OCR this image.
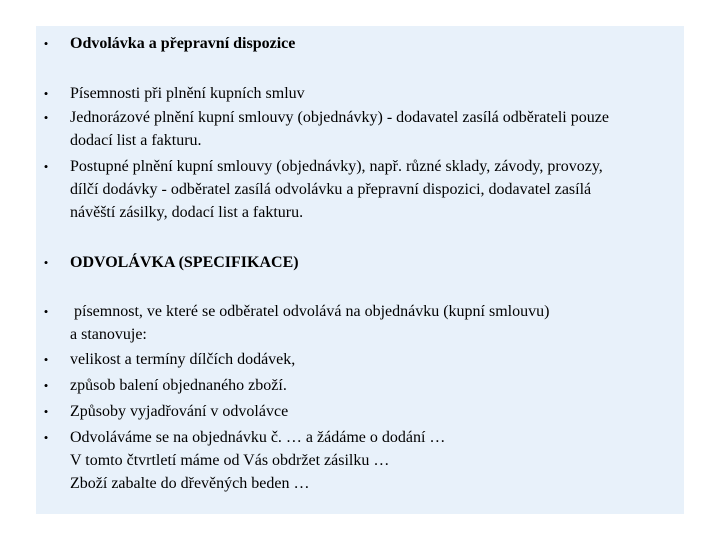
• Odvolávka a přepravní dispozice
• Písemnosti při plnění kupních smluv
• Jednorázové plnění kupní smlouvy (objednávky) - dodavatel zasílá odběrateli pouze
dodací list a fakturu.
• Postupné plnění kupní smlouvy (objednávky), např. různé sklady, závody, provozy,
dílčí dodávky - odběratel zasílá odvolávku a přepravní dispozici, dodavatel zasílá
návěští zásilky, dodací list a fakturu.
• ODVOLÁVKA (SPECIFIKACE)
• písemnost, ve které se odběratel odvolává na objednávku (kupní smlouvu)
a stanovuje:
• velikost a termíny dílčích dodávek,
• způsob balení objednaného zboží.
• Způsoby vyjadřování v odvolávce
• Odvoláváme se na objednávku č. … a žádáme o dodání …
V tomto čtvrtletí máme od Vás obdržet zásilku …
Zboží zabalte do dřevěných beden …
